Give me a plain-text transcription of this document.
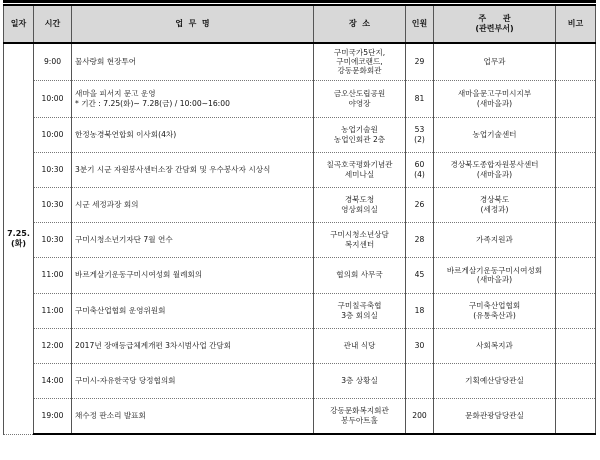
일자	시간	업  무  명	장  소	인원	주      관
(관련부서)	비고

7.25.
(화)	9:00	물사랑회 현장투어	구미국가5단지,
구미에코랜드,
강동문화회관	29	업무과	

	10:00	새마을 피서지 문고 운영
* 기간 : 7.25(화)~ 7.28(금) / 10:00~16:00	금오산도립공원
야영장	81	새마을문고구미시지부
(새마을과)	

	10:00	한정농경북연합회 이사회(4차)	농업기술원
농업인회관 2층	53
(2)	농업기술센터	

	10:30	3분기 시군 자원봉사센터소장 간담회 및 우수봉사자 시상식	칠곡호국평화기념관
세미나실	60
(4)	경상북도종합자원봉사센터
(새마을과)	

	10:30	시군 세정과장 회의	경북도청
영상회의실	26	경상북도
(세정과)	

	10:30	구미시청소년기자단 7월 연수	구미시청소년상담
복지센터	28	가족지원과	

	11:00	바르게살기운동구미시여성회 월례회의	협의회 사무국	45	바르게살기운동구미시여성회
(새마을과)	

	11:00	구미축산업협회 운영위원회	구미칠곡축협
3층 회의실	18	구미축산업협회
(유통축산과)	

	12:00	2017년 장애등급체계개편 3차시범사업 간담회	관내 식당	30	사회복지과	

	14:00	구미시-자유한국당 당정협의회	3층 상황실		기획예산담당관실	

	19:00	채수정 판소리 발표회	강동문화복지회관
봉두아트홀	200	문화관광담당관실	
